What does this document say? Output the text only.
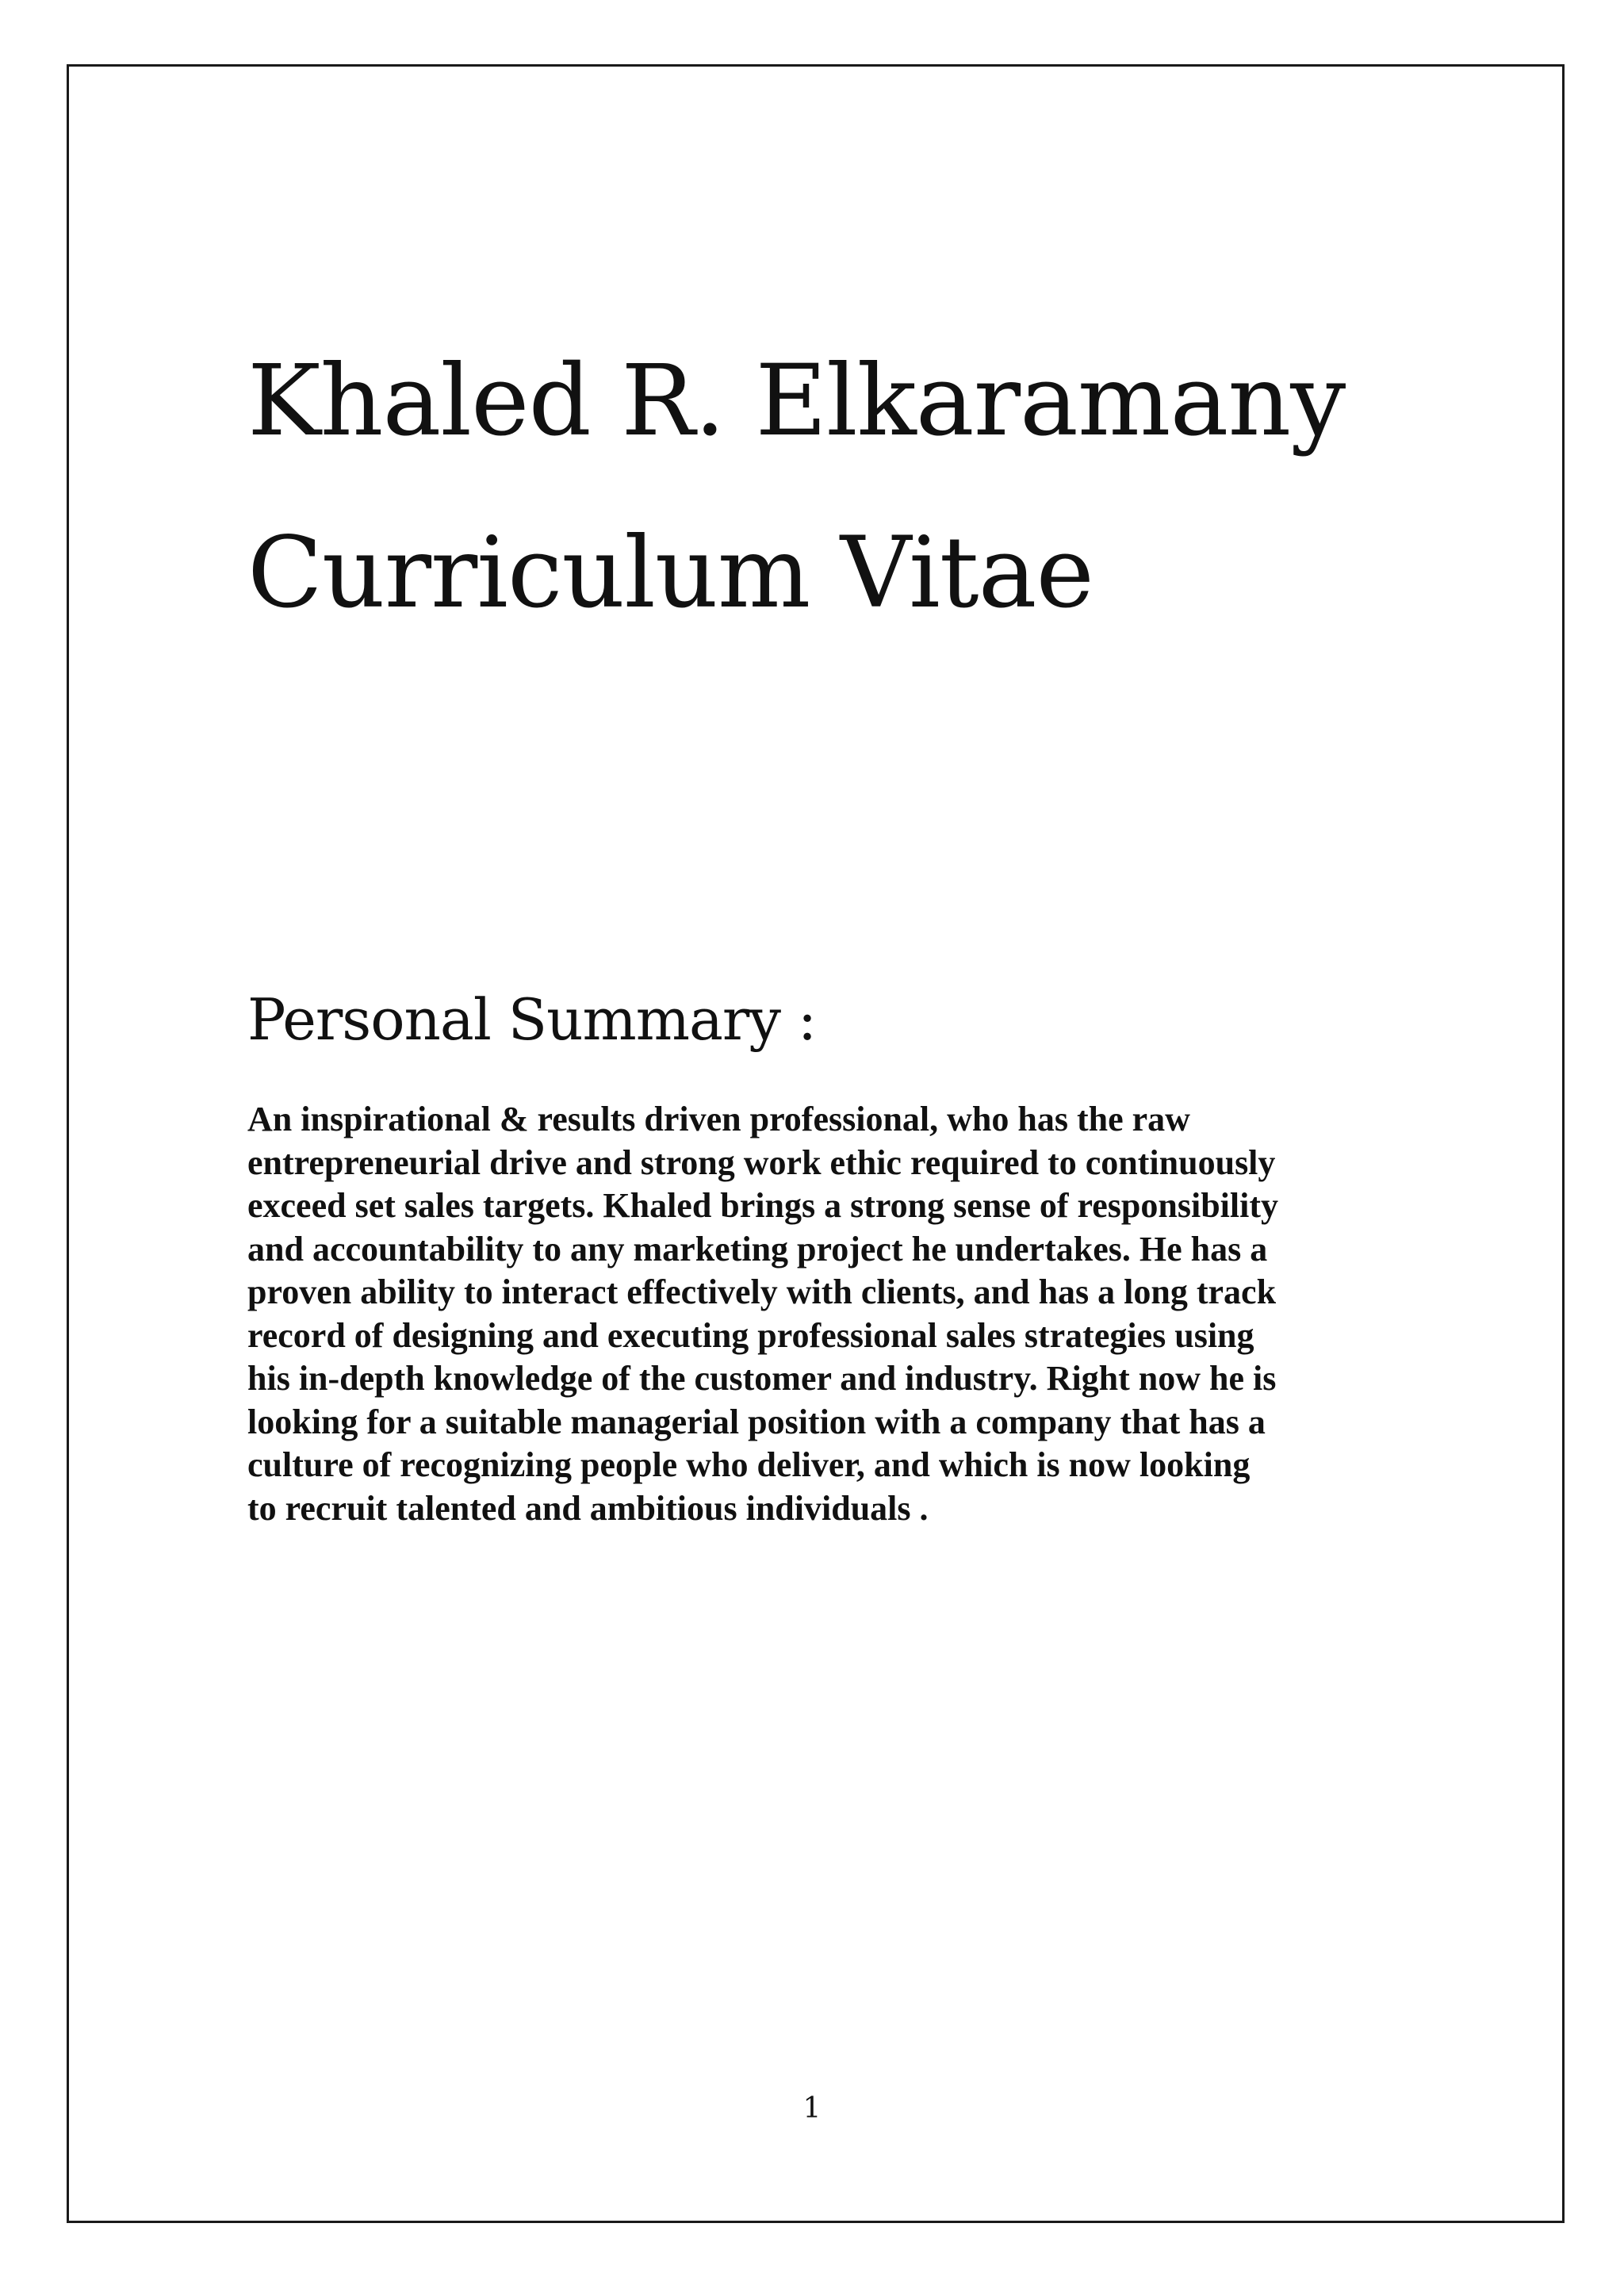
Khaled R. Elkaramany
Curriculum Vitae
Personal Summary :
An inspirational & results driven professional, who has the raw
entrepreneurial drive and strong work ethic required to continuously
exceed set sales targets. Khaled brings a strong sense of responsibility
and accountability to any marketing project he undertakes. He has a
proven ability to interact effectively with clients, and has a long track
record of designing and executing professional sales strategies using
his in-depth knowledge of the customer and industry. Right now he is
looking for a suitable managerial position with a company that has a
culture of recognizing people who deliver, and which is now looking
to recruit talented and ambitious individuals .
1
